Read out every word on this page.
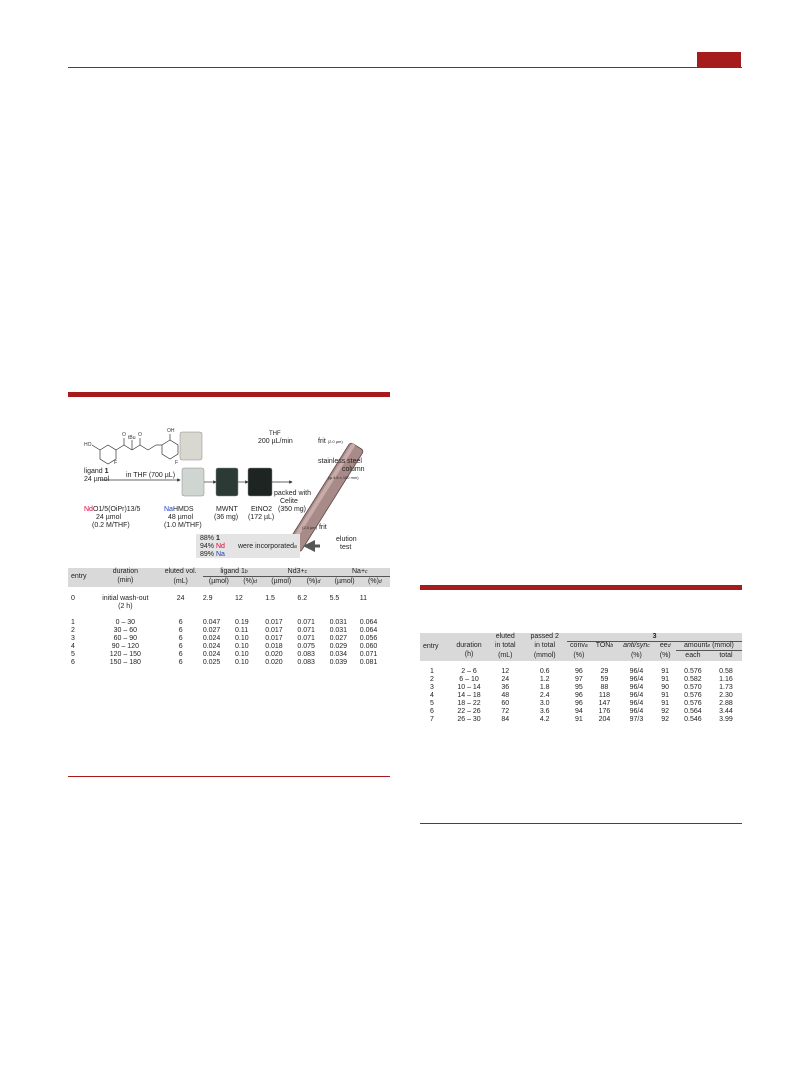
HO
O O
tBu
OH
F	F
THF
200 µL/min	frit (2.0 µm)
stainless steel
column
(φ 4.6 x 100 mm)
ligand 1
24 µmol
in THF (700 µL)
NdO1/5(OiPr)13/5
24 µmol
(0.2 M/THF)
NaHMDS
48 µmol
(1.0 M/THF)
MWNT
(36 mg)
EtNO2
(172 µL)
packed with
Celite
(350 mg)
(2.0 µm) frit
elution
test
88% 1
94% Nd
89% Na
were incorporated$^a$
entry	duration	eluted vol.	ligand 1$^b$		Nd3+$^c$		Na+$^c$
	(min)	(mL)	(µmol)	(%)$^d$	(µmol)	(%)$^d$	(µmol)	(%)$^d$

0	initial wash-out	24	2.9	12	1.5	6.2	5.5	11
	(2 h)							

1	0 – 30	6	0.047	0.19	0.017	0.071	0.031	0.064
2	30 – 60	6	0.027	0.11	0.017	0.071	0.031	0.064
3	60 – 90	6	0.024	0.10	0.017	0.071	0.027	0.056
4	90 – 120	6	0.024	0.10	0.018	0.075	0.029	0.060
5	120 – 150	6	0.024	0.10	0.020	0.083	0.034	0.071
6	150 – 180	6	0.025	0.10	0.020	0.083	0.039	0.081
entry		eluted	passed 2	3					
	duration	in total	in total	conv$^a$	TON$^b$	anti/syn$^c$	$ee^d$	amount$^e$ (mmol)	
	(h)	(mL)	(mmol)	(%)		(%)	(%)	each	total

1	2 – 6	12	0.6	96	29	96/4	91	0.576	0.58
2	6 – 10	24	1.2	97	59	96/4	91	0.582	1.16
3	10 – 14	36	1.8	95	88	96/4	90	0.570	1.73
4	14 – 18	48	2.4	96	118	96/4	91	0.576	2.30
5	18 – 22	60	3.0	96	147	96/4	91	0.576	2.88
6	22 – 26	72	3.6	94	176	96/4	92	0.564	3.44
7	26 – 30	84	4.2	91	204	97/3	92	0.546	3.99
